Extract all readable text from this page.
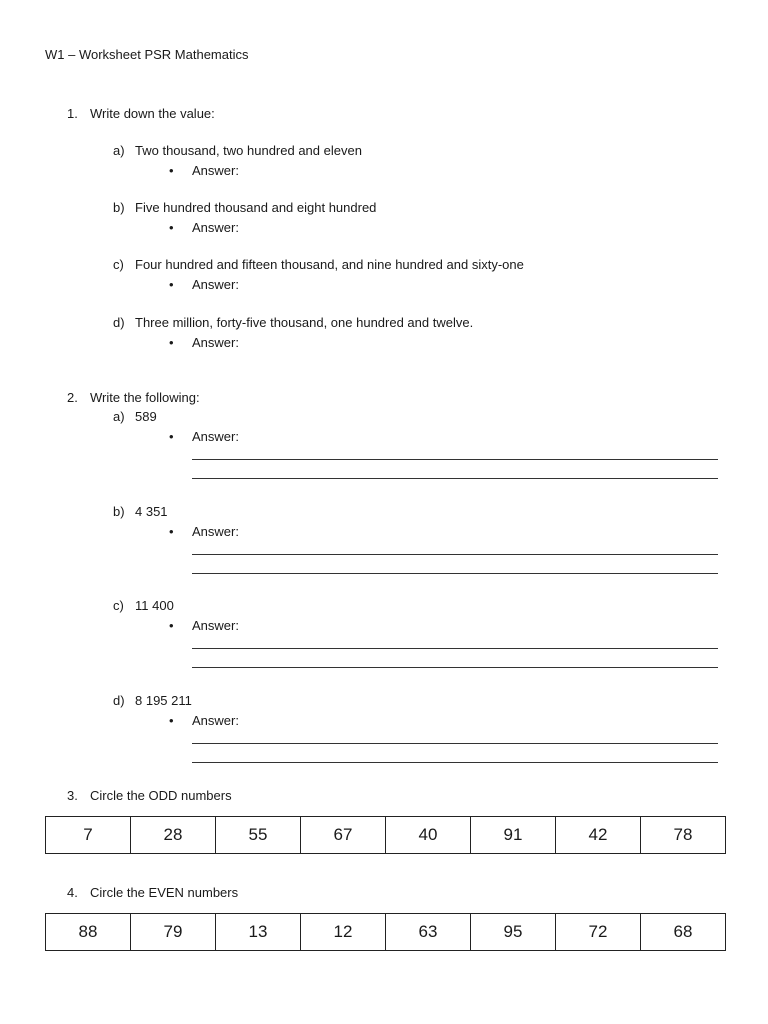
W1 – Worksheet PSR Mathematics
1. Write down the value:
a) Two thousand, two hundred and eleven
• Answer:
b) Five hundred thousand and eight hundred
• Answer:
c) Four hundred and fifteen thousand, and nine hundred and sixty-one
• Answer:
d) Three million, forty-five thousand, one hundred and twelve.
• Answer:
2. Write the following:
a) 589
• Answer:
b) 4 351
• Answer:
c) 11 400
• Answer:
d) 8 195 211
• Answer:
3. Circle the ODD numbers
7	28	55	67	40	91	42	78
4. Circle the EVEN numbers
88	79	13	12	63	95	72	68
